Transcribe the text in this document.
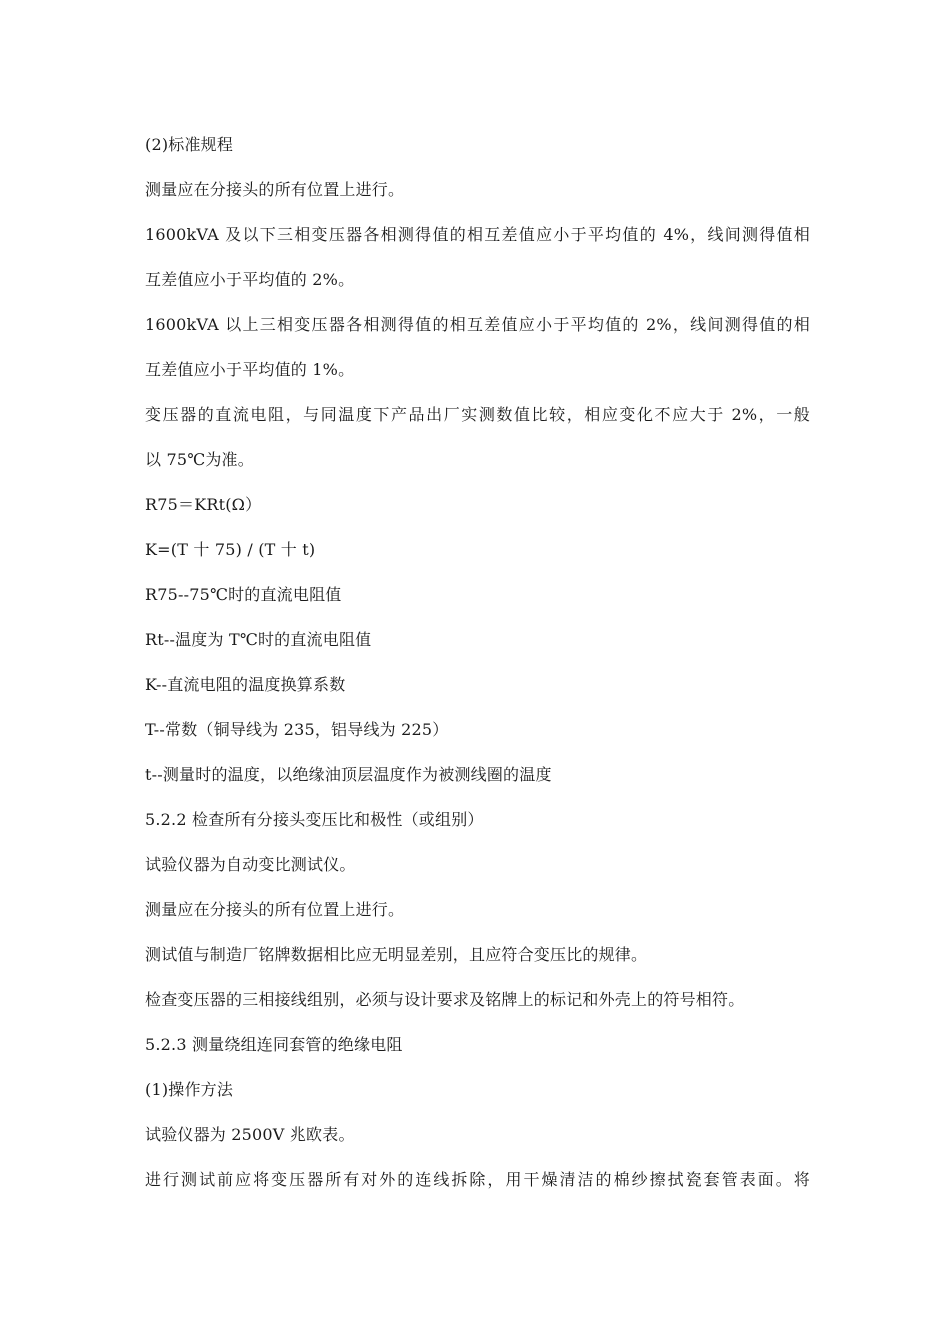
(2)标准规程

测量应在分接头的所有位置上进行。

1600kVA 及以下三相变压器各相测得值的相互差值应小于平均值的 4%，线间测得值相

互差值应小于平均值的 2%。

1600kVA 以上三相变压器各相测得值的相互差值应小于平均值的 2%，线间测得值的相

互差值应小于平均值的 1%。

变压器的直流电阻，与同温度下产品出厂实测数值比较，相应变化不应大于 2%，一般

以 75℃为准。

R75＝KRt(Ω）

K=(T 十 75) / (T 十 t)

R75--75℃时的直流电阻值

Rt--温度为 T℃时的直流电阻值

K--直流电阻的温度换算系数

T--常数（铜导线为 235，铝导线为 225）

t--测量时的温度，以绝缘油顶层温度作为被测线圈的温度

5.2.2 检查所有分接头变压比和极性（或组别）

试验仪器为自动变比测试仪。

测量应在分接头的所有位置上进行。

测试值与制造厂铭牌数据相比应无明显差别，且应符合变压比的规律。

检查变压器的三相接线组别，必须与设计要求及铭牌上的标记和外壳上的符号相符。

5.2.3 测量绕组连同套管的绝缘电阻

(1)操作方法

试验仪器为 2500V 兆欧表。

进行测试前应将变压器所有对外的连线拆除，用干燥清洁的棉纱擦拭瓷套管表面。将
